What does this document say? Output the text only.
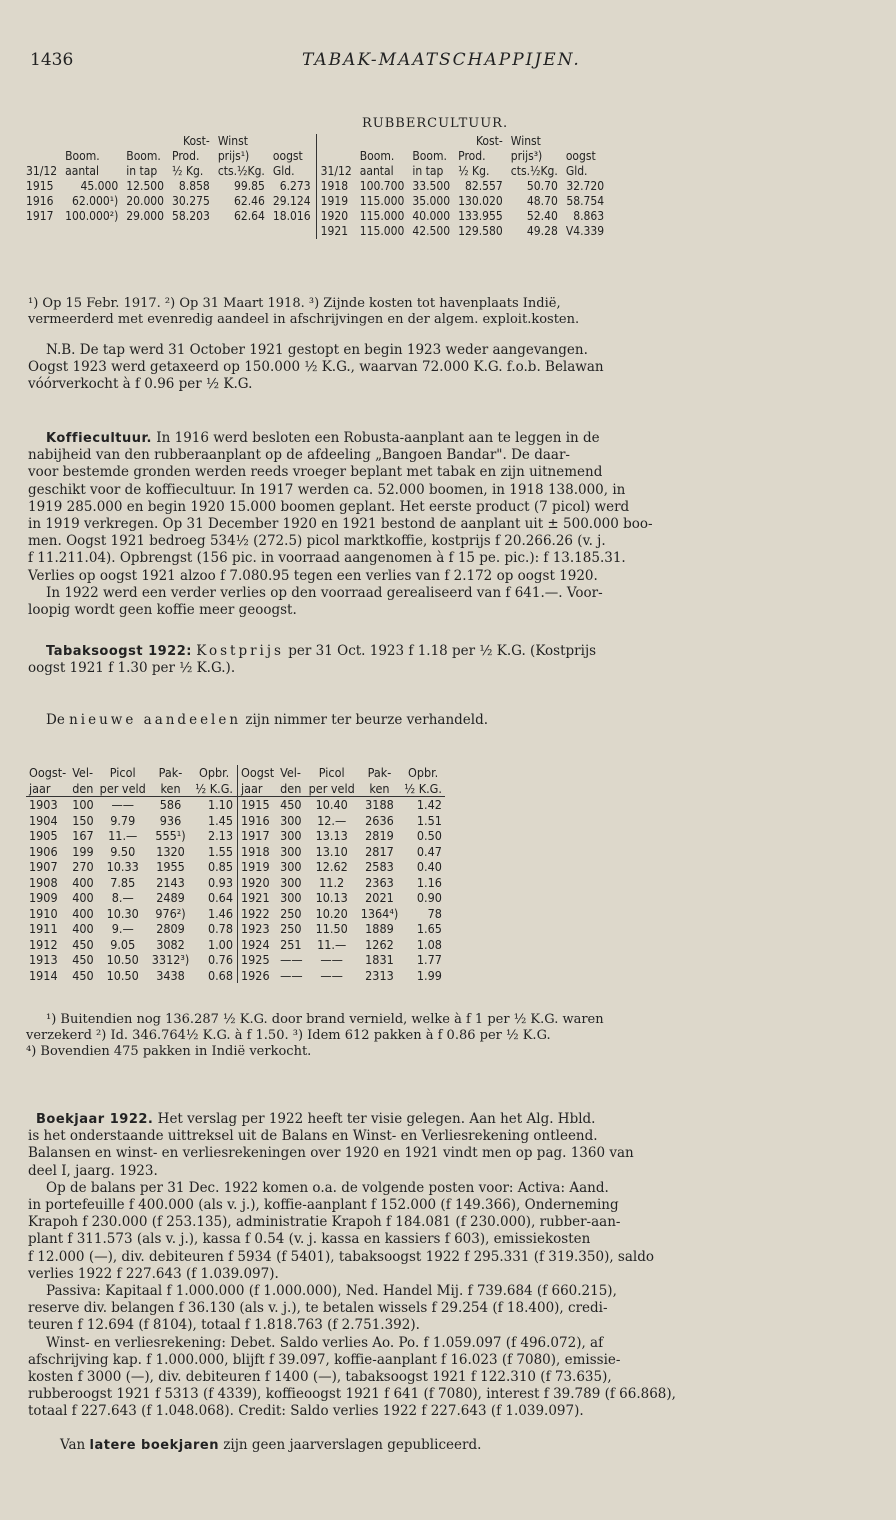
1436	TABAK-MAATSCHAPPIJEN.
RUBBERCULTUUR.
			Kost-	Winst						Kost-	Winst	
	Boom.	Boom.	Prod.	prijs¹)	oogst			Boom.	Boom.	Prod.	prijs³)	oogst
31/12	aantal	in tap	½ Kg.	cts.½Kg.	Gld.		31/12	aantal	in tap	½ Kg.	cts.½Kg.	Gld.
1915	45.000	12.500	8.858	99.85	6.273		1918	100.700	33.500	82.557	50.70	32.720
1916	62.000¹)	20.000	30.275	62.46	29.124		1919	115.000	35.000	130.020	48.70	58.754
1917	100.000²)	29.000	58.203	62.64	18.016		1920	115.000	40.000	133.955	52.40	8.863
							1921	115.000	42.500	129.580	49.28	V4.339
¹) Op 15 Febr. 1917. ²) Op 31 Maart 1918. ³) Zijnde kosten tot havenplaats Indië,
vermeerderd met evenredig aandeel in afschrijvingen en der algem. exploit.kosten.
N.B. De tap werd 31 October 1921 gestopt en begin 1923 weder aangevangen.
Oogst 1923 werd getaxeerd op 150.000 ½ K.G., waarvan 72.000 K.G. f.o.b. Belawan
vóórverkocht à f 0.96 per ½ K.G.
Koffiecultuur. In 1916 werd besloten een Robusta-aanplant aan te leggen in de
nabijheid van den rubberaanplant op de afdeeling „Bangoen Bandar". De daar-
voor bestemde gronden werden reeds vroeger beplant met tabak en zijn uitnemend
geschikt voor de koffiecultuur. In 1917 werden ca. 52.000 boomen, in 1918 138.000, in
1919 285.000 en begin 1920 15.000 boomen geplant. Het eerste product (7 picol) werd
in 1919 verkregen. Op 31 December 1920 en 1921 bestond de aanplant uit ± 500.000 boo-
men. Oogst 1921 bedroeg 534½ (272.5) picol marktkoffie, kostprijs f 20.266.26 (v. j.
f 11.211.04). Opbrengst (156 pic. in voorraad aangenomen à f 15 pe. pic.): f 13.185.31.
Verlies op oogst 1921 alzoo f 7.080.95 tegen een verlies van f 2.172 op oogst 1920.
In 1922 werd een verder verlies op den voorraad gerealiseerd van f 641.—. Voor-
loopig wordt geen koffie meer geoogst.
Tabaksoogst 1922: Kostprijs per 31 Oct. 1923 f 1.18 per ½ K.G. (Kostprijs
oogst 1921 f 1.30 per ½ K.G.).
De nieuwe aandeelen zijn nimmer ter beurze verhandeld.
Oogst-	Vel-	Picol	Pak-	Opbr.		Oogst	Vel-	Picol	Pak-	Opbr.
jaar	den	per veld	ken	½ K.G.		jaar	den	per veld	ken	½ K.G.
1903	100	——	586	1.10		1915	450	10.40	3188	1.42
1904	150	9.79	936	1.45		1916	300	12.—	2636	1.51
1905	167	11.—	555¹)	2.13		1917	300	13.13	2819	0.50
1906	199	9.50	1320	1.55		1918	300	13.10	2817	0.47
1907	270	10.33	1955	0.85		1919	300	12.62	2583	0.40
1908	400	7.85	2143	0.93		1920	300	11.2	2363	1.16
1909	400	8.—	2489	0.64		1921	300	10.13	2021	0.90
1910	400	10.30	976²)	1.46		1922	250	10.20	1364⁴)	78
1911	400	9.—	2809	0.78		1923	250	11.50	1889	1.65
1912	450	9.05	3082	1.00		1924	251	11.—	1262	1.08
1913	450	10.50	3312³)	0.76		1925	——	——	1831	1.77
1914	450	10.50	3438	0.68		1926	——	——	2313	1.99
¹) Buitendien nog 136.287 ½ K.G. door brand vernield, welke à f 1 per ½ K.G. waren
verzekerd ²) Id. 346.764½ K.G. à f 1.50. ³) Idem 612 pakken à f 0.86 per ½ K.G.
⁴) Bovendien 475 pakken in Indië verkocht.
Boekjaar 1922. Het verslag per 1922 heeft ter visie gelegen. Aan het Alg. Hbld.
is het onderstaande uittreksel uit de Balans en Winst- en Verliesrekening ontleend.
Balansen en winst- en verliesrekeningen over 1920 en 1921 vindt men op pag. 1360 van
deel I, jaarg. 1923.
Op de balans per 31 Dec. 1922 komen o.a. de volgende posten voor: Activa: Aand.
in portefeuille f 400.000 (als v. j.), koffie-aanplant f 152.000 (f 149.366), Onderneming
Krapoh f 230.000 (f 253.135), administratie Krapoh f 184.081 (f 230.000), rubber-aan-
plant f 311.573 (als v. j.), kassa f 0.54 (v. j. kassa en kassiers f 603), emissiekosten
f 12.000 (—), div. debiteuren f 5934 (f 5401), tabaksoogst 1922 f 295.331 (f 319.350), saldo
verlies 1922 f 227.643 (f 1.039.097).
Passiva: Kapitaal f 1.000.000 (f 1.000.000), Ned. Handel Mij. f 739.684 (f 660.215),
reserve div. belangen f 36.130 (als v. j.), te betalen wissels f 29.254 (f 18.400), credi-
teuren f 12.694 (f 8104), totaal f 1.818.763 (f 2.751.392).
Winst- en verliesrekening: Debet. Saldo verlies Ao. Po. f 1.059.097 (f 496.072), af
afschrijving kap. f 1.000.000, blijft f 39.097, koffie-aanplant f 16.023 (f 7080), emissie-
kosten f 3000 (—), div. debiteuren f 1400 (—), tabaksoogst 1921 f 122.310 (f 73.635),
rubberoogst 1921 f 5313 (f 4339), koffieoogst 1921 f 641 (f 7080), interest f 39.789 (f 66.868),
totaal f 227.643 (f 1.048.068). Credit: Saldo verlies 1922 f 227.643 (f 1.039.097).
Van latere boekjaren zijn geen jaarverslagen gepubliceerd.
